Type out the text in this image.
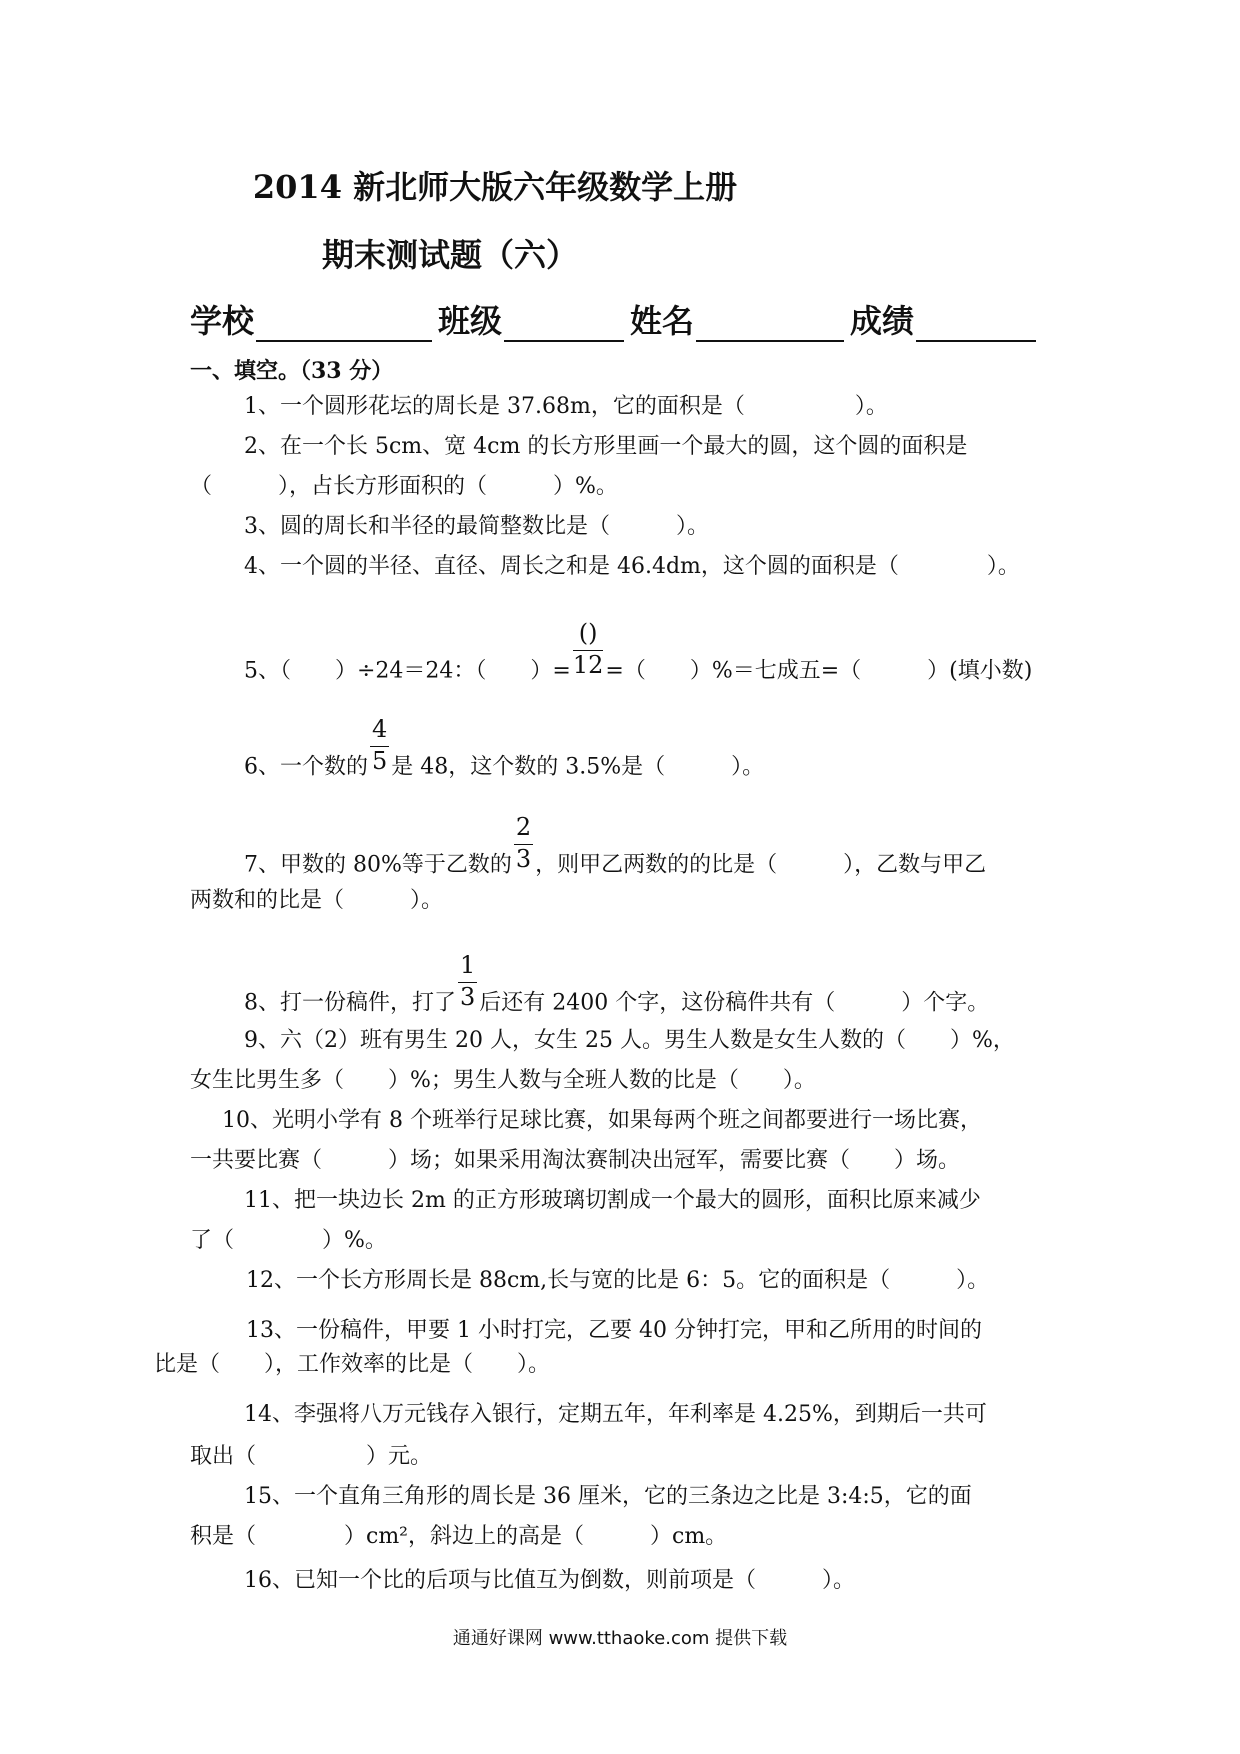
2014 新北师大版六年级数学上册
期末测试题（六）
学校	班级	姓名	成绩
一、填空。（33 分）
1、一个圆形花坛的周长是 37.68m，它的面积是（　　　　　）。
2、在一个长 5cm、宽 4cm 的长方形里画一个最大的圆，这个圆的面积是
（　　　），占长方形面积的（　　　）%。
3、圆的周长和半径的最简整数比是（　　　）。
4、一个圆的半径、直径、周长之和是 46.4dm，这个圆的面积是（　　　　）。
5、（　　）÷24＝24：（　　）= $\frac{()}{12}$ =（　　）%＝七成五=（　　　）(填小数)
6、一个数的 $\frac{4}{5}$ 是 48，这个数的 3.5%是（　　　）。
7、甲数的 80%等于乙数的 $\frac{2}{3}$ ，则甲乙两数的的比是（　　　），乙数与甲乙
两数和的比是（　　　）。
8、打一份稿件，打了 $\frac{1}{3}$ 后还有 2400 个字，这份稿件共有（　　　）个字。
9、六（2）班有男生 20 人，女生 25 人。男生人数是女生人数的（　　）%，
女生比男生多（　　）%；男生人数与全班人数的比是（　　）。
10、光明小学有 8 个班举行足球比赛，如果每两个班之间都要进行一场比赛，
一共要比赛（　　　）场；如果采用淘汰赛制决出冠军，需要比赛（　　）场。
11、把一块边长 2m 的正方形玻璃切割成一个最大的圆形，面积比原来减少
了（　　　　）%。
12、一个长方形周长是 88cm,长与宽的比是 6：5。它的面积是（　　　）。
13、一份稿件，甲要 1 小时打完，乙要 40 分钟打完，甲和乙所用的时间的
比是（　　），工作效率的比是（　　）。
14、李强将八万元钱存入银行，定期五年，年利率是 4.25%，到期后一共可
取出（　　　　　）元。
15、一个直角三角形的周长是 36 厘米，它的三条边之比是 3:4:5，它的面
积是（　　　　）cm²，斜边上的高是（　　　）cm。
16、已知一个比的后项与比值互为倒数，则前项是（　　　）。
通通好课网 www.tthaoke.com 提供下载
